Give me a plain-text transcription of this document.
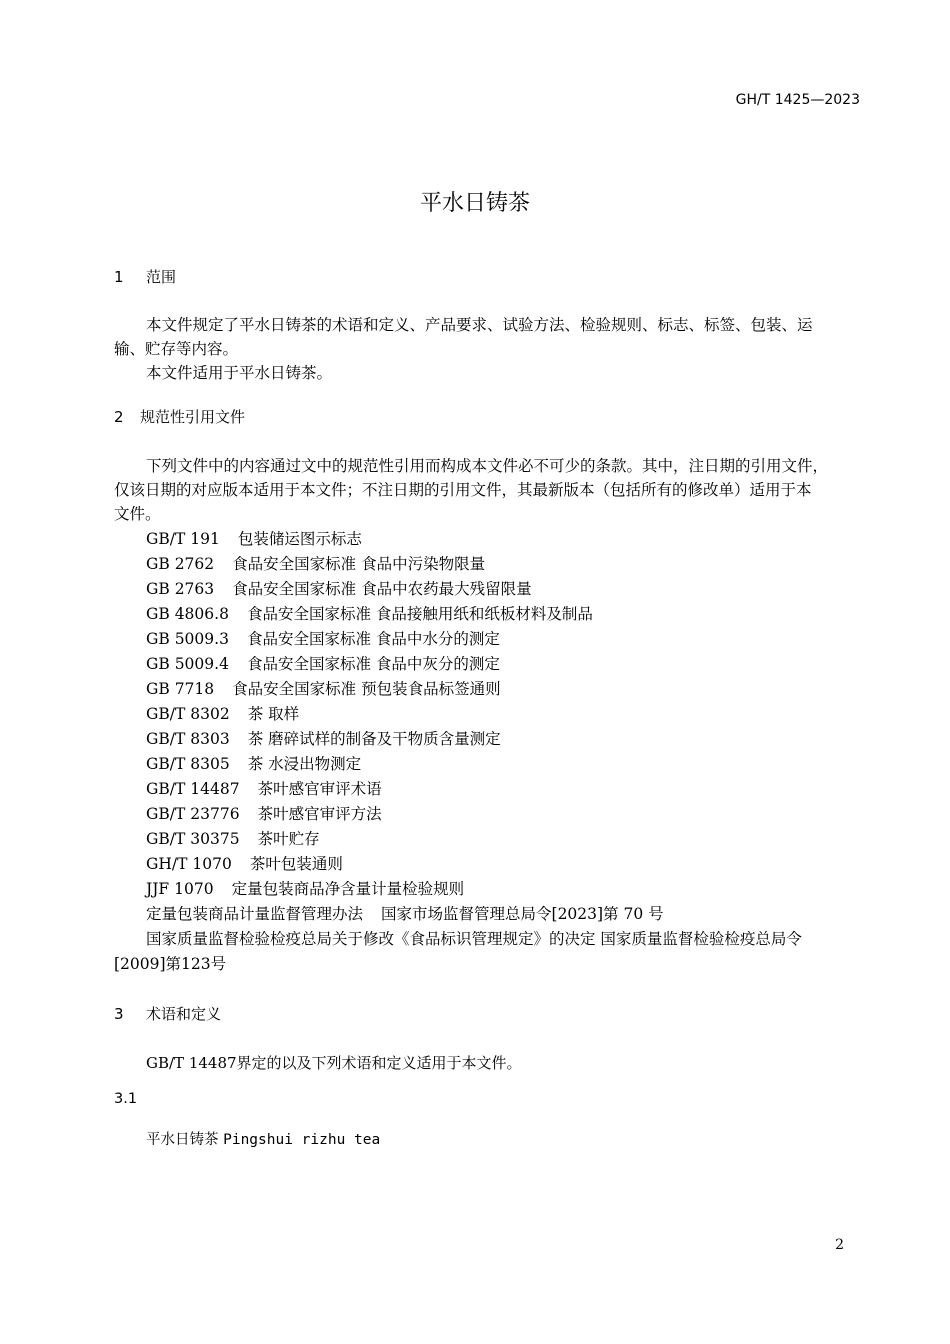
GH/T 1425—2023
平水日铸茶
1 范围
本文件规定了平水日铸茶的术语和定义、产品要求、试验方法、检验规则、标志、标签、包装、运
输、贮存等内容。
本文件适用于平水日铸茶。
2 规范性引用文件
下列文件中的内容通过文中的规范性引用而构成本文件必不可少的条款。其中，注日期的引用文件，
仅该日期的对应版本适用于本文件；不注日期的引用文件，其最新版本（包括所有的修改单）适用于本
文件。
GB/T 191 包装储运图示标志
GB 2762 食品安全国家标准 食品中污染物限量
GB 2763 食品安全国家标准 食品中农药最大残留限量
GB 4806.8 食品安全国家标准 食品接触用纸和纸板材料及制品
GB 5009.3 食品安全国家标准 食品中水分的测定
GB 5009.4 食品安全国家标准 食品中灰分的测定
GB 7718 食品安全国家标准 预包装食品标签通则
GB/T 8302 茶 取样
GB/T 8303 茶 磨碎试样的制备及干物质含量测定
GB/T 8305 茶 水浸出物测定
GB/T 14487 茶叶感官审评术语
GB/T 23776 茶叶感官审评方法
GB/T 30375 茶叶贮存
GH/T 1070 茶叶包装通则
JJF 1070 定量包装商品净含量计量检验规则
定量包装商品计量监督管理办法 国家市场监督管理总局令[2023]第 70 号
国家质量监督检验检疫总局关于修改《食品标识管理规定》的决定 国家质量监督检验检疫总局令
[2009]第123号
3 术语和定义
GB/T 14487界定的以及下列术语和定义适用于本文件。
3.1
平水日铸茶 Pingshui rizhu tea
2
